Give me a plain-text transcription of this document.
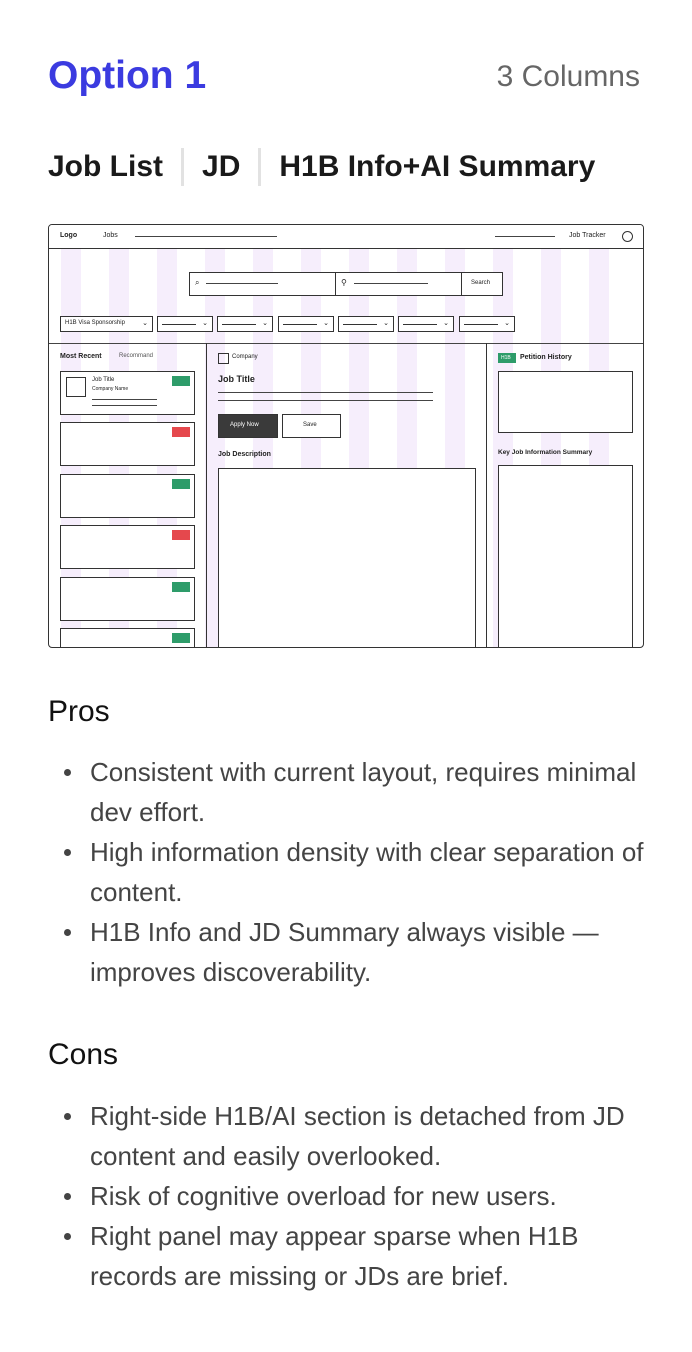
Option 1	3 Columns
Job List JD H1B Info+AI Summary
Logo	Jobs	Job Tracker
⌕	⚲	Search
H1B Visa Sponsorship ⌄	⌄	⌄	⌄	⌄	⌄	⌄
Most Recent	Recommand
Job Title
Company Name
Company
Job Title
Apply Now	Save
Job Description
H1B Petition History
Key Job Information Summary
Pros
Consistent with current layout, requires minimal dev effort.
High information density with clear separation of content.
H1B Info and JD Summary always visible — improves discoverability.
Cons
Right-side H1B/AI section is detached from JD content and easily overlooked.
Risk of cognitive overload for new users.
Right panel may appear sparse when H1B records are missing or JDs are brief.
